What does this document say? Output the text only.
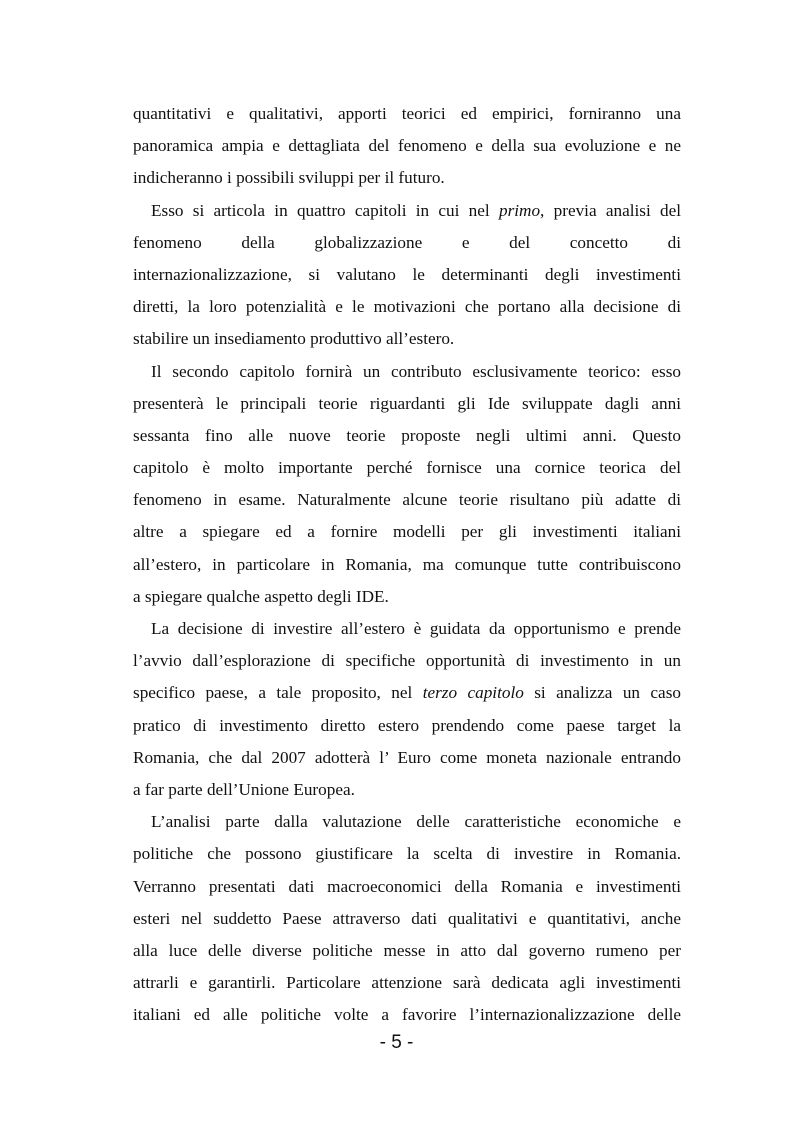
quantitativi e qualitativi, apporti teorici ed empirici, forniranno una
panoramica ampia e dettagliata del fenomeno e della sua evoluzione e ne
indicheranno i possibili sviluppi per il futuro.
Esso si articola in quattro capitoli in cui nel primo, previa analisi del
fenomeno della globalizzazione e del concetto di
internazionalizzazione, si valutano le determinanti degli investimenti
diretti, la loro potenzialità e le motivazioni che portano alla decisione di
stabilire un insediamento produttivo all’estero.
Il secondo capitolo fornirà un contributo esclusivamente teorico: esso
presenterà le principali teorie riguardanti gli Ide sviluppate dagli anni
sessanta fino alle nuove teorie proposte negli ultimi anni. Questo
capitolo è molto importante perché fornisce una cornice teorica del
fenomeno in esame. Naturalmente alcune teorie risultano più adatte di
altre a spiegare ed a fornire modelli per gli investimenti italiani
all’estero, in particolare in Romania, ma comunque tutte contribuiscono
a spiegare qualche aspetto degli IDE.
La decisione di investire all’estero è guidata da opportunismo e prende
l’avvio dall’esplorazione di specifiche opportunità di investimento in un
specifico paese, a tale proposito, nel terzo capitolo si analizza un caso
pratico di investimento diretto estero prendendo come paese target la
Romania, che dal 2007 adotterà l’ Euro come moneta nazionale entrando
a far parte dell’Unione Europea.
L’analisi parte dalla valutazione delle caratteristiche economiche e
politiche che possono giustificare la scelta di investire in Romania.
Verranno presentati dati macroeconomici della Romania e investimenti
esteri nel suddetto Paese attraverso dati qualitativi e quantitativi, anche
alla luce delle diverse politiche messe in atto dal governo rumeno per
attrarli e garantirli. Particolare attenzione sarà dedicata agli investimenti
italiani ed alle politiche volte a favorire l’internazionalizzazione delle
- 5 -
